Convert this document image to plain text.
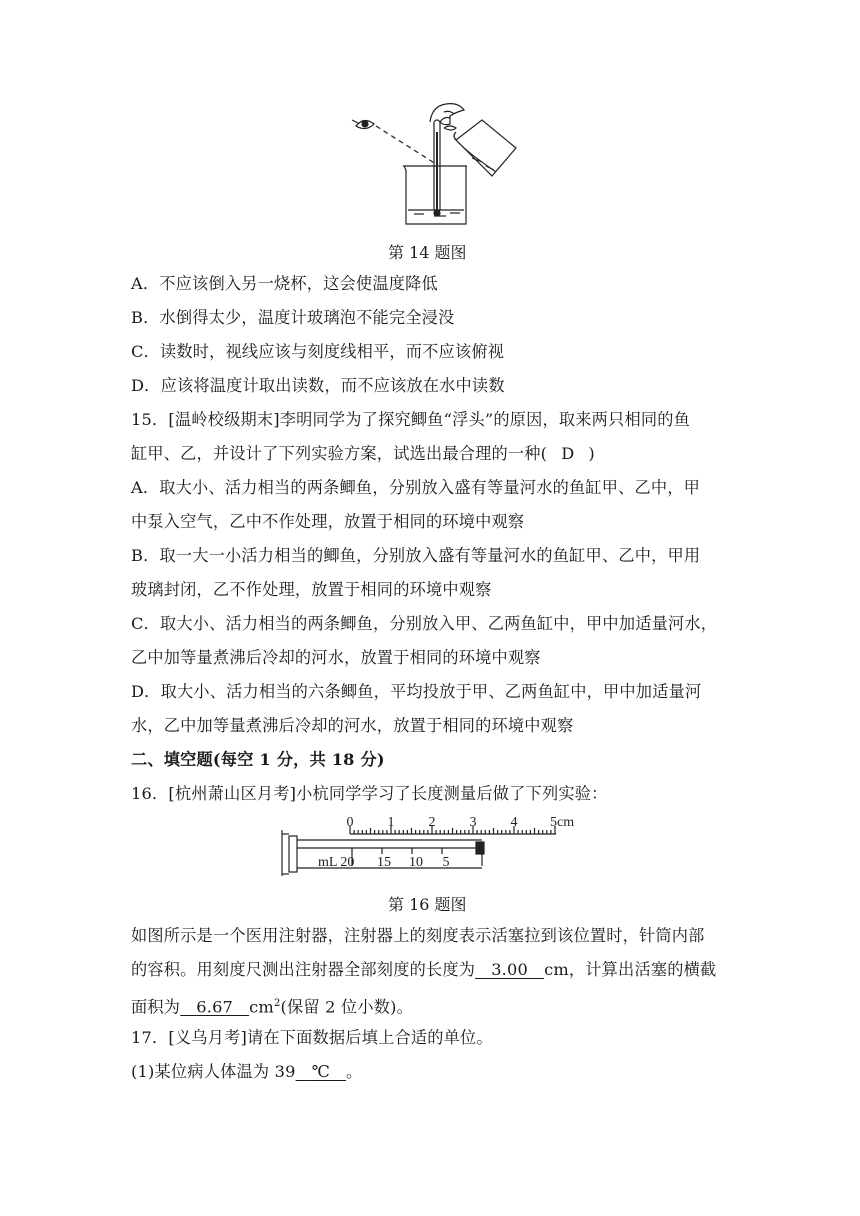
第 14 题图
A．不应该倒入另一烧杯，这会使温度降低
B．水倒得太少，温度计玻璃泡不能完全浸没
C．读数时，视线应该与刻度线相平，而不应该俯视
D．应该将温度计取出读数，而不应该放在水中读数
15．[温岭校级期末]李明同学为了探究鲫鱼“浮头”的原因，取来两只相同的鱼
缸甲、乙，并设计了下列实验方案，试选出最合理的一种( D )
A．取大小、活力相当的两条鲫鱼，分别放入盛有等量河水的鱼缸甲、乙中，甲
中泵入空气，乙中不作处理，放置于相同的环境中观察
B．取一大一小活力相当的鲫鱼，分别放入盛有等量河水的鱼缸甲、乙中，甲用
玻璃封闭，乙不作处理，放置于相同的环境中观察
C．取大小、活力相当的两条鲫鱼，分别放入甲、乙两鱼缸中，甲中加适量河水，
乙中加等量煮沸后冷却的河水，放置于相同的环境中观察
D．取大小、活力相当的六条鲫鱼，平均投放于甲、乙两鱼缸中，甲中加适量河
水，乙中加等量煮沸后冷却的河水，放置于相同的环境中观察
二、填空题(每空 1 分，共 18 分)
16．[杭州萧山区月考]小杭同学学习了长度测量后做了下列实验：
0 1 2 3 4 5cm
mL 20 15 10 5
第 16 题图
如图所示是一个医用注射器，注射器上的刻度表示活塞拉到该位置时，针筒内部
的容积。用刻度尺测出注射器全部刻度的长度为 3.00 cm，计算出活塞的横截
面积为 6.67 $cm^2$(保留 2 位小数)。
17．[义乌月考]请在下面数据后填上合适的单位。
(1)某位病人体温为 39 ℃ 。
